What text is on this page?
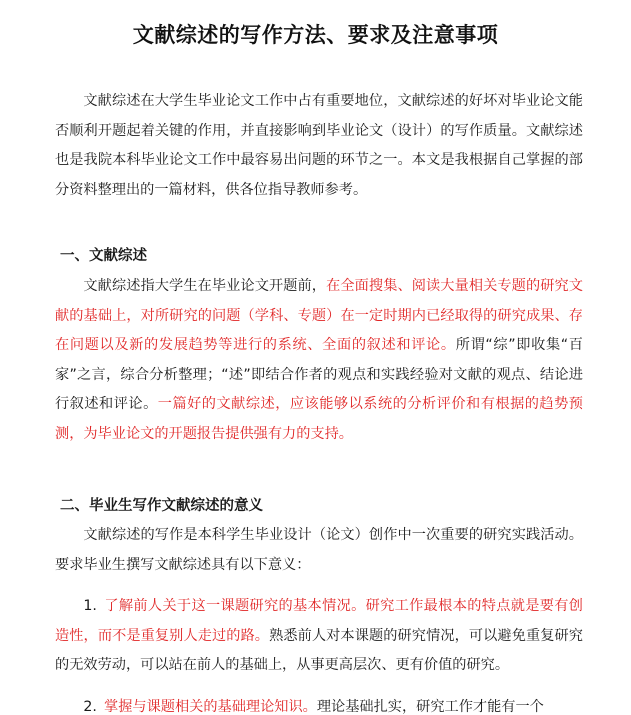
文献综述的写作方法、要求及注意事项

文献综述在大学生毕业论文工作中占有重要地位，文献综述的好坏对毕业论文能否顺利开题起着关键的作用，并直接影响到毕业论文（设计）的写作质量。文献综述也是我院本科毕业论文工作中最容易出问题的环节之一。本文是我根据自己掌握的部分资料整理出的一篇材料，供各位指导教师参考。

一、文献综述

文献综述指大学生在毕业论文开题前，在全面搜集、阅读大量相关专题的研究文献的基础上，对所研究的问题（学科、专题）在一定时期内已经取得的研究成果、存在问题以及新的发展趋势等进行的系统、全面的叙述和评论。所谓“综”即收集“百家”之言，综合分析整理；“述”即结合作者的观点和实践经验对文献的观点、结论进行叙述和评论。一篇好的文献综述，应该能够以系统的分析评价和有根据的趋势预测，为毕业论文的开题报告提供强有力的支持。

二、毕业生写作文献综述的意义

文献综述的写作是本科学生毕业设计（论文）创作中一次重要的研究实践活动。要求毕业生撰写文献综述具有以下意义：

1. 了解前人关于这一课题研究的基本情况。研究工作最根本的特点就是要有创造性，而不是重复别人走过的路。熟悉前人对本课题的研究情况，可以避免重复研究的无效劳动，可以站在前人的基础上，从事更高层次、更有价值的研究。

2. 掌握与课题相关的基础理论知识。理论基础扎实，研究工作才能有一个
